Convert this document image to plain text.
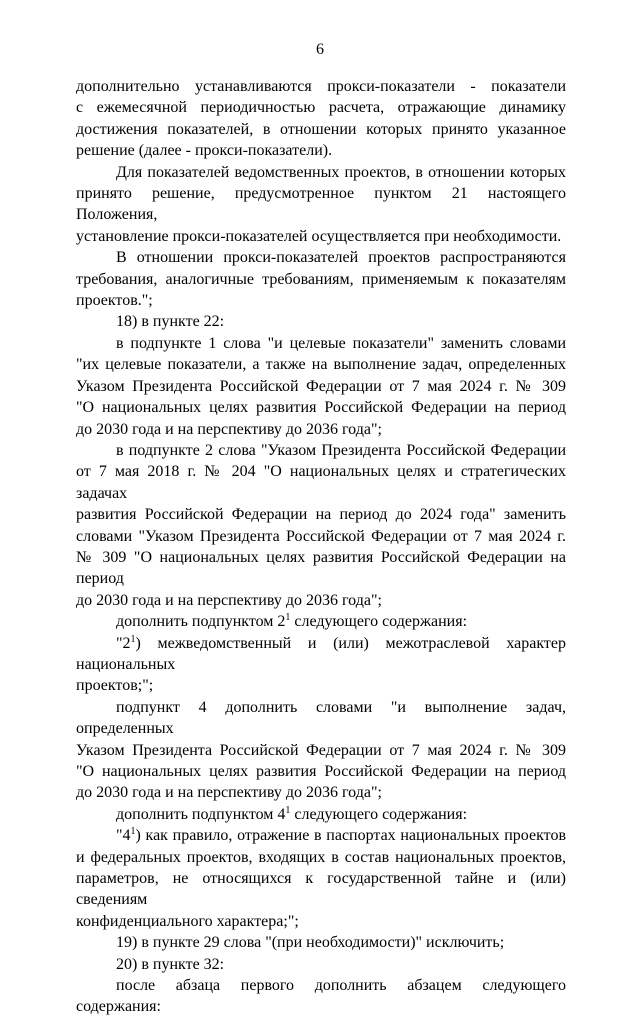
6
дополнительно устанавливаются прокси-показатели - показатели
с ежемесячной периодичностью расчета, отражающие динамику
достижения показателей, в отношении которых принято указанное
решение (далее - прокси-показатели).
Для показателей ведомственных проектов, в отношении которых
принято решение, предусмотренное пунктом 21 настоящего Положения,
установление прокси-показателей осуществляется при необходимости.
В отношении прокси-показателей проектов распространяются
требования, аналогичные требованиям, применяемым к показателям
проектов.";
18) в пункте 22:
в подпункте 1 слова "и целевые показатели" заменить словами
"их целевые показатели, а также на выполнение задач, определенных
Указом Президента Российской Федерации от 7 мая 2024 г. № 309
"О национальных целях развития Российской Федерации на период
до 2030 года и на перспективу до 2036 года";
в подпункте 2 слова "Указом Президента Российской Федерации
от 7 мая 2018 г. № 204 "О национальных целях и стратегических задачах
развития Российской Федерации на период до 2024 года" заменить
словами "Указом Президента Российской Федерации от 7 мая 2024 г.
№ 309 "О национальных целях развития Российской Федерации на период
до 2030 года и на перспективу до 2036 года";
дополнить подпунктом $2^1$ следующего содержания:
"$2^1$) межведомственный и (или) межотраслевой характер национальных
проектов;";
подпункт 4 дополнить словами "и выполнение задач, определенных
Указом Президента Российской Федерации от 7 мая 2024 г. № 309
"О национальных целях развития Российской Федерации на период
до 2030 года и на перспективу до 2036 года";
дополнить подпунктом $4^1$ следующего содержания:
"$4^1$) как правило, отражение в паспортах национальных проектов
и федеральных проектов, входящих в состав национальных проектов,
параметров, не относящихся к государственной тайне и (или) сведениям
конфиденциального характера;";
19) в пункте 29 слова "(при необходимости)" исключить;
20) в пункте 32:
после абзаца первого дополнить абзацем следующего содержания:
